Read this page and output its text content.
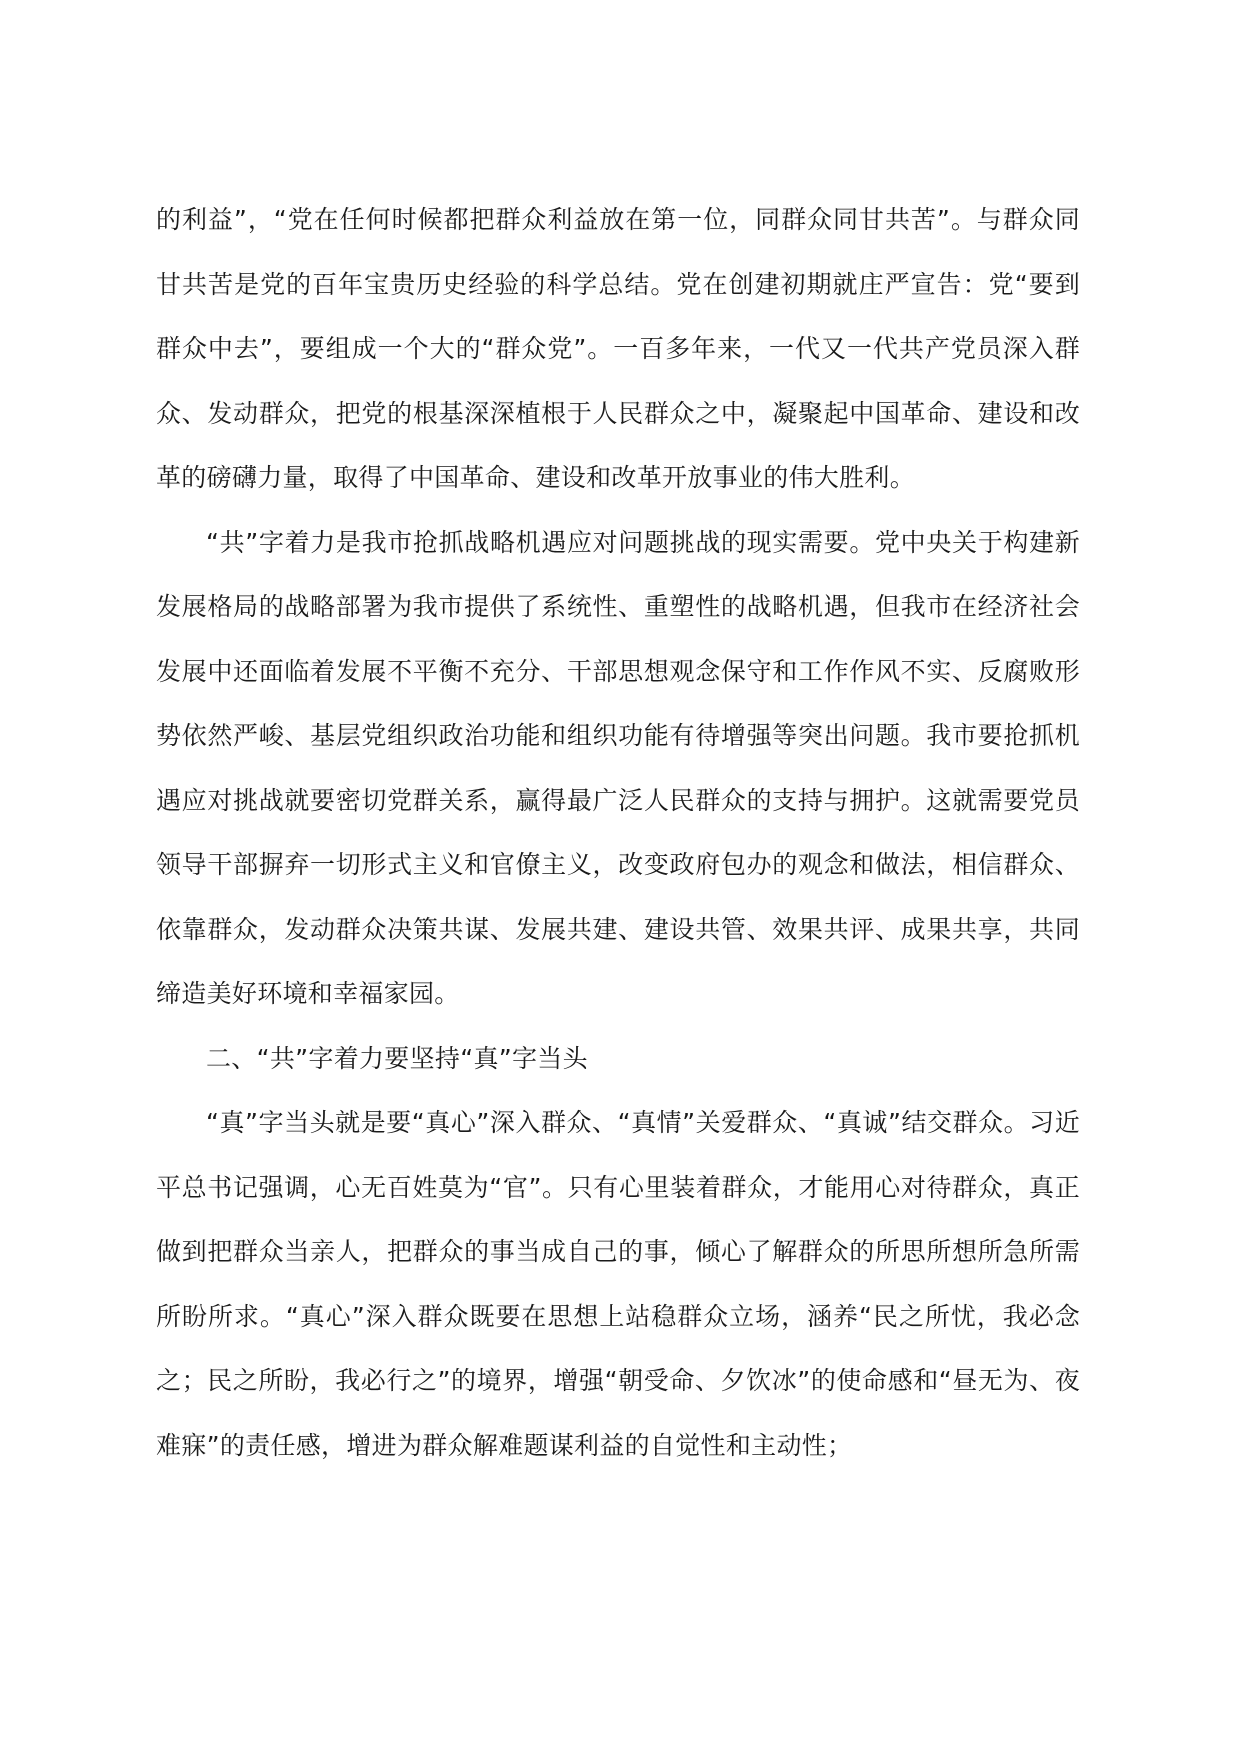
的利益”，“党在任何时候都把群众利益放在第一位，同群众同甘共苦”。与群众同甘共苦是党的百年宝贵历史经验的科学总结。党在创建初期就庄严宣告：党“要到群众中去”，要组成一个大的“群众党”。一百多年来，一代又一代共产党员深入群众、发动群众，把党的根基深深植根于人民群众之中，凝聚起中国革命、建设和改革的磅礴力量，取得了中国革命、建设和改革开放事业的伟大胜利。

“共”字着力是我市抢抓战略机遇应对问题挑战的现实需要。党中央关于构建新发展格局的战略部署为我市提供了系统性、重塑性的战略机遇，但我市在经济社会发展中还面临着发展不平衡不充分、干部思想观念保守和工作作风不实、反腐败形势依然严峻、基层党组织政治功能和组织功能有待增强等突出问题。我市要抢抓机遇应对挑战就要密切党群关系，赢得最广泛人民群众的支持与拥护。这就需要党员领导干部摒弃一切形式主义和官僚主义，改变政府包办的观念和做法，相信群众、依靠群众，发动群众决策共谋、发展共建、建设共管、效果共评、成果共享，共同缔造美好环境和幸福家园。

二、“共”字着力要坚持“真”字当头

“真”字当头就是要“真心”深入群众、“真情”关爱群众、“真诚”结交群众。习近平总书记强调，心无百姓莫为“官”。只有心里装着群众，才能用心对待群众，真正做到把群众当亲人，把群众的事当成自己的事，倾心了解群众的所思所想所急所需所盼所求。“真心”深入群众既要在思想上站稳群众立场，涵养“民之所忧，我必念之；民之所盼，我必行之”的境界，增强“朝受命、夕饮冰”的使命感和“昼无为、夜难寐”的责任感，增进为群众解难题谋利益的自觉性和主动性；
